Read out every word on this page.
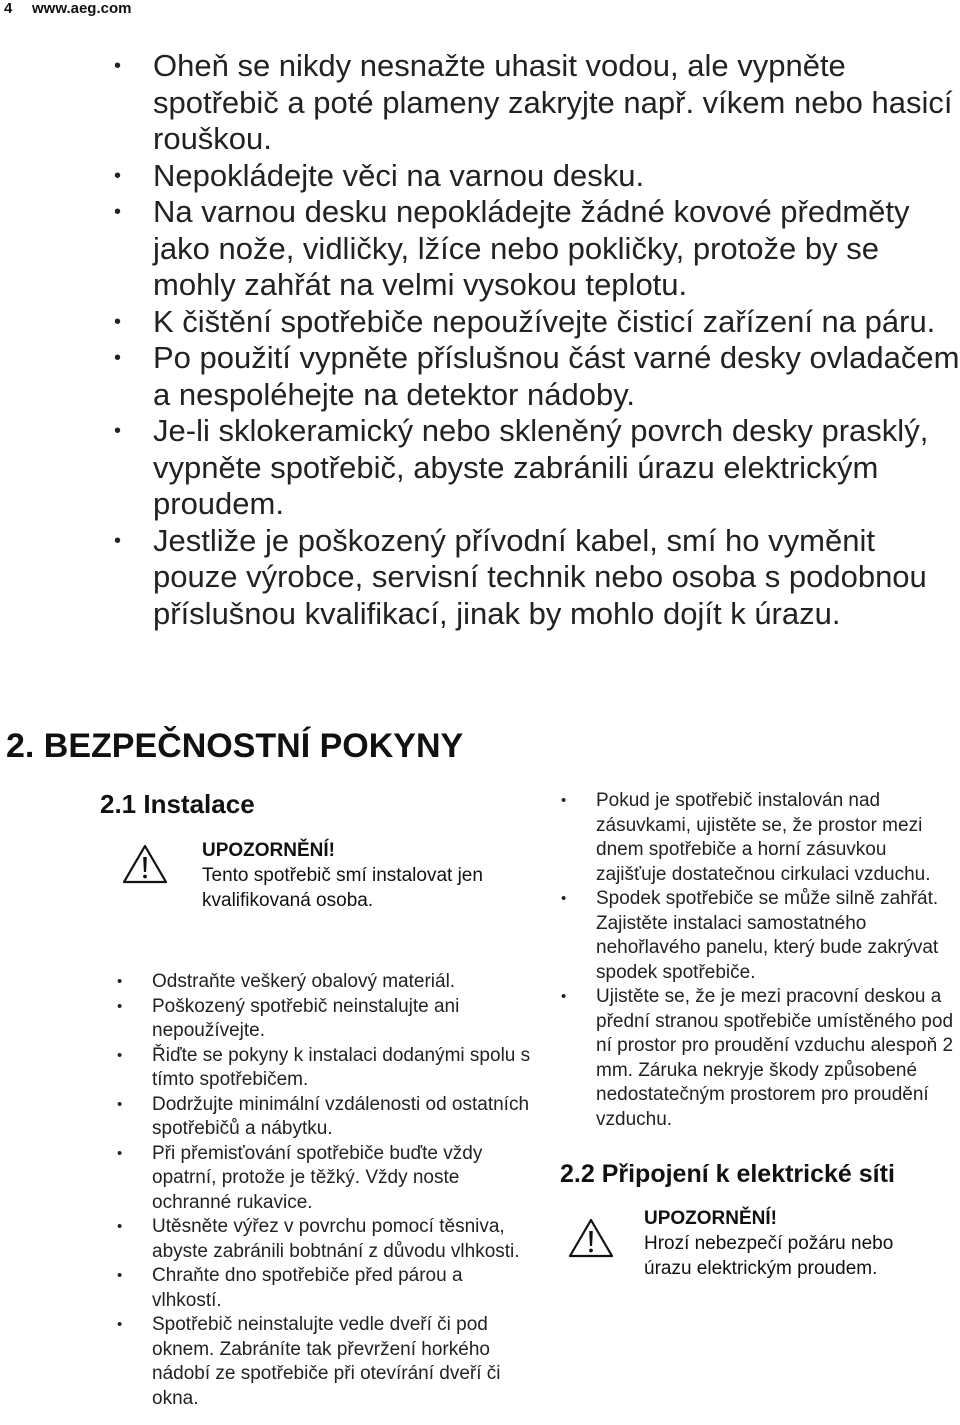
4 www.aeg.com
• Oheň se nikdy nesnažte uhasit vodou, ale vypněte spotřebič a poté plameny zakryjte např. víkem nebo hasicí rouškou.
• Nepokládejte věci na varnou desku.
• Na varnou desku nepokládejte žádné kovové předměty jako nože, vidličky, lžíce nebo pokličky, protože by se mohly zahřát na velmi vysokou teplotu.
• K čištění spotřebiče nepoužívejte čisticí zařízení na páru.
• Po použití vypněte příslušnou část varné desky ovladačem a nespoléhejte na detektor nádoby.
• Je-li sklokeramický nebo skleněný povrch desky prasklý, vypněte spotřebič, abyste zabránili úrazu elektrickým proudem.
• Jestliže je poškozený přívodní kabel, smí ho vyměnit pouze výrobce, servisní technik nebo osoba s podobnou příslušnou kvalifikací, jinak by mohlo dojít k úrazu.
2. BEZPEČNOSTNÍ POKYNY
2.1 Instalace
UPOZORNĚNÍ!
Tento spotřebič smí instalovat jen kvalifikovaná osoba.
• Odstraňte veškerý obalový materiál.
• Poškozený spotřebič neinstalujte ani nepoužívejte.
• Řiďte se pokyny k instalaci dodanými spolu s tímto spotřebičem.
• Dodržujte minimální vzdálenosti od ostatních spotřebičů a nábytku.
• Při přemisťování spotřebiče buďte vždy opatrní, protože je těžký. Vždy noste ochranné rukavice.
• Utěsněte výřez v povrchu pomocí těsniva, abyste zabránili bobtnání z důvodu vlhkosti.
• Chraňte dno spotřebiče před párou a vlhkostí.
• Spotřebič neinstalujte vedle dveří či pod oknem. Zabráníte tak převržení horkého nádobí ze spotřebiče při otevírání dveří či okna.
• Pokud je spotřebič instalován nad zásuvkami, ujistěte se, že prostor mezi dnem spotřebiče a horní zásuvkou zajišťuje dostatečnou cirkulaci vzduchu.
• Spodek spotřebiče se může silně zahřát. Zajistěte instalaci samostatného nehořlavého panelu, který bude zakrývat spodek spotřebiče.
• Ujistěte se, že je mezi pracovní deskou a přední stranou spotřebiče umístěného pod ní prostor pro proudění vzduchu alespoň 2 mm. Záruka nekryje škody způsobené nedostatečným prostorem pro proudění vzduchu.
2.2 Připojení k elektrické síti
UPOZORNĚNÍ!
Hrozí nebezpečí požáru nebo úrazu elektrickým proudem.
